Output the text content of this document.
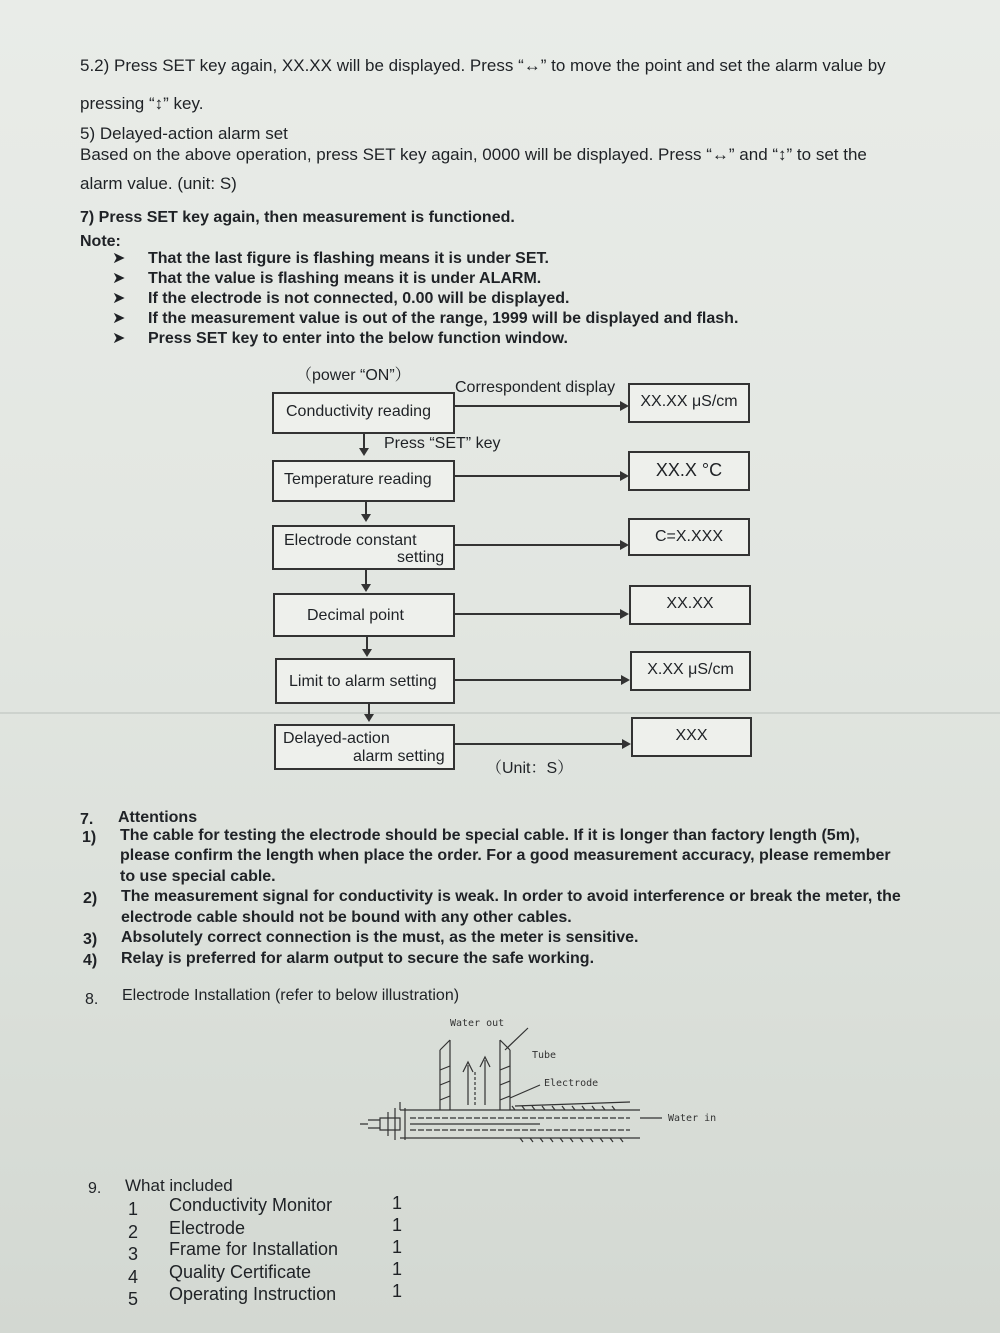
5.2) Press SET key again, XX.XX will be displayed. Press “↔” to move the point and set the alarm value by
pressing “↕” key.
5) Delayed-action alarm set
Based on the above operation, press SET key again, 0000 will be displayed. Press “↔” and “↕” to set the
alarm value. (unit: S)
7) Press SET key again, then measurement is functioned.
Note:
➤ That the last figure is flashing means it is under SET.
➤ That the value is flashing means it is under ALARM.
➤ If the electrode is not connected, 0.00 will be displayed.
➤ If the measurement value is out of the range, 1999 will be displayed and flash.
➤ Press SET key to enter into the below function window.
（power “ON”）
Correspondent display
Conductivity reading
XX.XX μS/cm
Press “SET” key
Temperature reading	XX.X °C
Electrode constant
setting
C=X.XXX
Decimal point
XX.XX
Limit to alarm setting
X.XX μS/cm
Delayed-action
alarm setting
XXX
（Unit：S）
7. Attentions
1) The cable for testing the electrode should be special cable. If it is longer than factory length (5m),
please confirm the length when place the order. For a good measurement accuracy, please remember
to use special cable.
2) The measurement signal for conductivity is weak. In order to avoid interference or break the meter, the
electrode cable should not be bound with any other cables.
3) Absolutely correct connection is the must, as the meter is sensitive.
4) Relay is preferred for alarm output to secure the safe working.
8. Electrode Installation (refer to below illustration)
Water out
Tube
Electrode
Water in
9. What included
1 Conductivity Monitor	1
2 Electrode	1
3 Frame for Installation	1
4 Quality Certificate	1
5 Operating Instruction	1
